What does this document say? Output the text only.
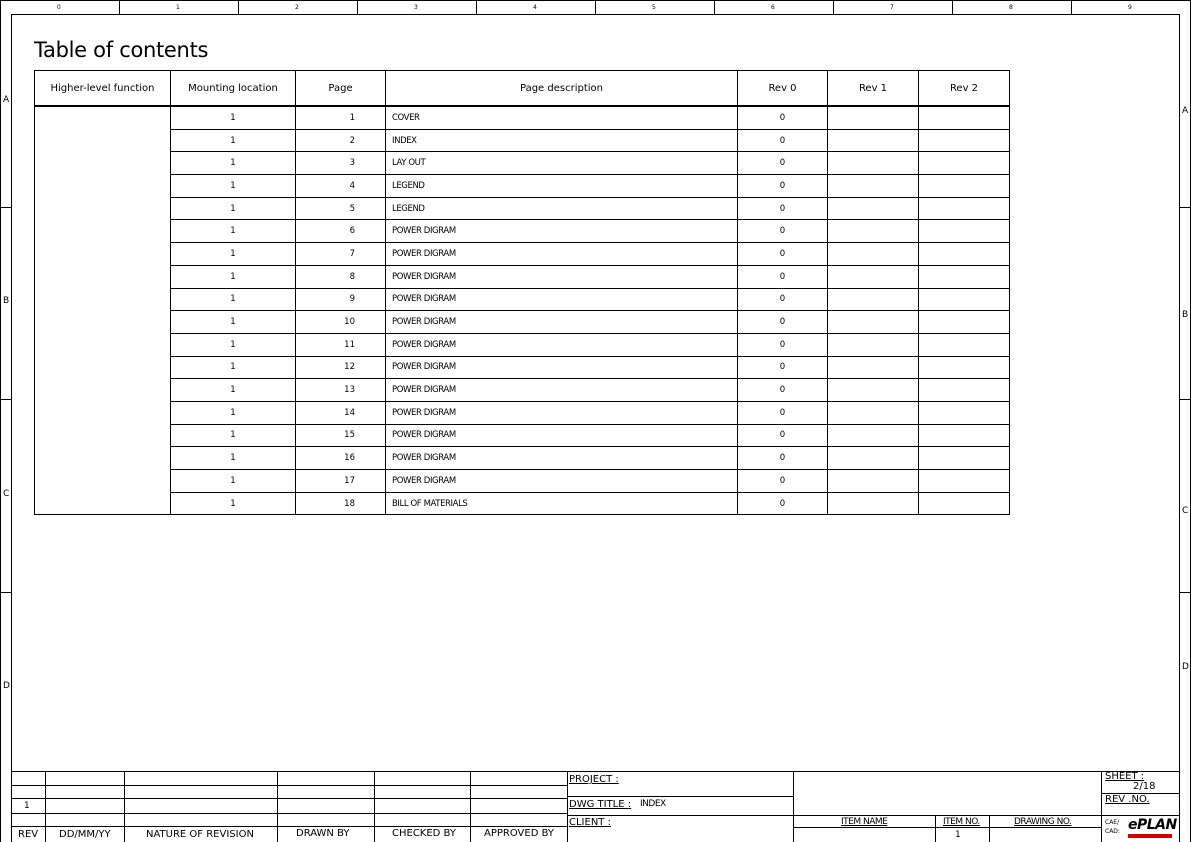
0	1	2	3	4	5	6	7	8	9
A
B
C
D
A
B
C
D
Table of contents
Higher-level function	Mounting location	Page	Page description	Rev 0	Rev 1	Rev 2
	1	1	COVER	0		
	1	2	INDEX	0		
	1	3	LAY OUT	0		
	1	4	LEGEND	0		
	1	5	LEGEND	0		
	1	6	POWER DIGRAM	0		
	1	7	POWER DIGRAM	0		
	1	8	POWER DIGRAM	0		
	1	9	POWER DIGRAM	0		
	1	10	POWER DIGRAM	0		
	1	11	POWER DIGRAM	0		
	1	12	POWER DIGRAM	0		
	1	13	POWER DIGRAM	0		
	1	14	POWER DIGRAM	0		
	1	15	POWER DIGRAM	0		
	1	16	POWER DIGRAM	0		
	1	17	POWER DIGRAM	0		
	1	18	BILL OF MATERIALS	0		
1
REV DD/MM/YY	NATURE OF REVISION	DRAWN BY	CHECKED BY	APPROVED BY
PROJECT :
DWG TITLE : INDEX
CLIENT :	ITEM NAME	ITEM NO.
1
DRAWING NO.
SHEET :
2/18
REV .NO.
CAE/
CAD: ePLAN
